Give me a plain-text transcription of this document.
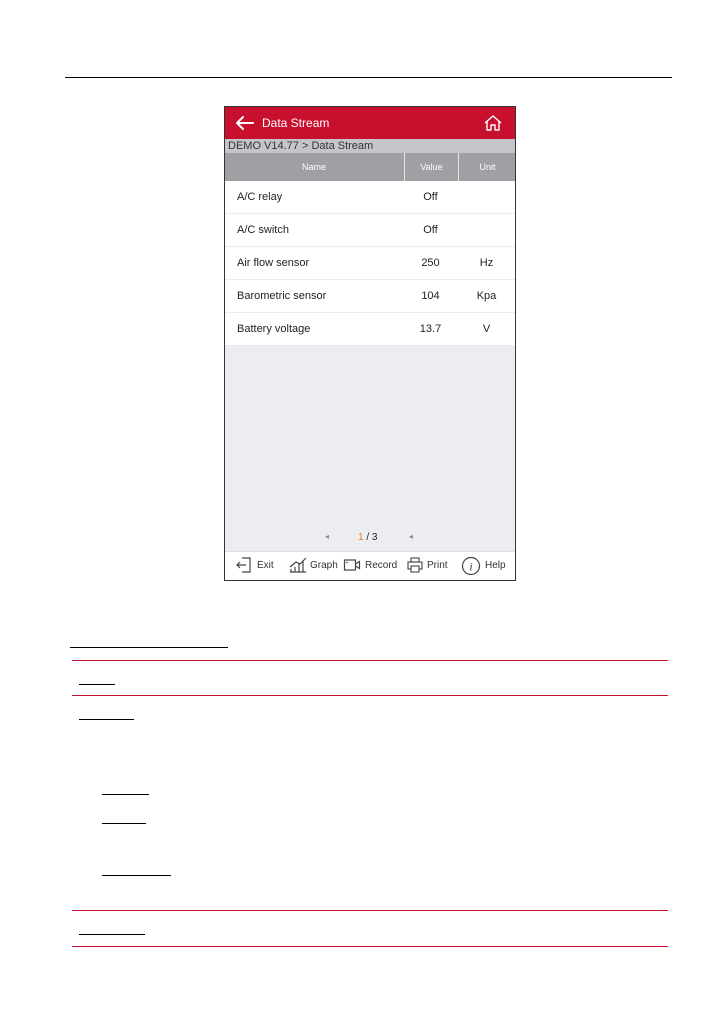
Data Stream
DEMO V14.77 > Data Stream
Name	Value	Unit
A/C relay	Off
A/C switch	Off
Air flow sensor	250	Hz
Barometric sensor	104	Kpa
Battery voltage	13.7	V
◂	1 / 3	◂
Exit	Graph	Record	Print i Help
